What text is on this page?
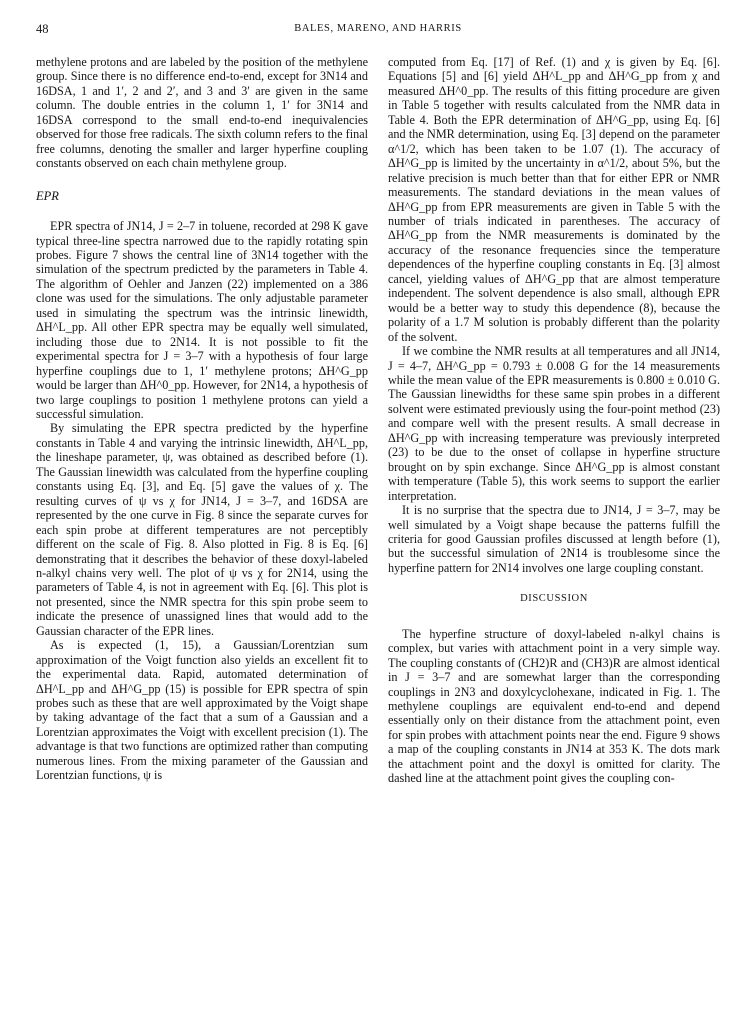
48	BALES, MARENO, AND HARRIS

methylene protons and are labeled by the position of the methylene group. Since there is no difference end-to-end, except for 3N14 and 16DSA, 1 and 1′, 2 and 2′, and 3 and 3′ are given in the same column. The double entries in the column 1, 1′ for 3N14 and 16DSA correspond to the small end-to-end inequivalencies observed for those free radicals. The sixth column refers to the final free columns, denoting the smaller and larger hyperfine coupling constants observed on each chain methylene group.

EPR

EPR spectra of JN14, J = 2–7 in toluene, recorded at 298 K gave typical three-line spectra narrowed due to the rapidly rotating spin probes. Figure 7 shows the central line of 3N14 together with the simulation of the spectrum predicted by the parameters in Table 4. The algorithm of Oehler and Janzen (22) implemented on a 386 clone was used for the simulations. The only adjustable parameter used in simulating the spectrum was the intrinsic linewidth, ΔH^L_pp. All other EPR spectra may be equally well simulated, including those due to 2N14. It is not possible to fit the experimental spectra for J = 3–7 with a hypothesis of four large hyperfine couplings due to 1, 1′ methylene protons; ΔH^G_pp would be larger than ΔH^0_pp. However, for 2N14, a hypothesis of two large couplings to position 1 methylene protons can yield a successful simulation.

By simulating the EPR spectra predicted by the hyperfine constants in Table 4 and varying the intrinsic linewidth, ΔH^L_pp, the lineshape parameter, ψ, was obtained as described before (1). The Gaussian linewidth was calculated from the hyperfine coupling constants using Eq. [3], and Eq. [5] gave the values of χ. The resulting curves of ψ vs χ for JN14, J = 3–7, and 16DSA are represented by the one curve in Fig. 8 since the separate curves for each spin probe at different temperatures are not perceptibly different on the scale of Fig. 8. Also plotted in Fig. 8 is Eq. [6] demonstrating that it describes the behavior of these doxyl-labeled n-alkyl chains very well. The plot of ψ vs χ for 2N14, using the parameters of Table 4, is not in agreement with Eq. [6]. This plot is not presented, since the NMR spectra for this spin probe seem to indicate the presence of unassigned lines that would add to the Gaussian character of the EPR lines.

As is expected (1, 15), a Gaussian/Lorentzian sum approximation of the Voigt function also yields an excellent fit to the experimental data. Rapid, automated determination of ΔH^L_pp and ΔH^G_pp (15) is possible for EPR spectra of spin probes such as these that are well approximated by the Voigt shape by taking advantage of the fact that a sum of a Gaussian and a Lorentzian approximates the Voigt with excellent precision (1). The advantage is that two functions are optimized rather than computing numerous lines. From the mixing parameter of the Gaussian and Lorentzian functions, ψ is

computed from Eq. [17] of Ref. (1) and χ is given by Eq. [6]. Equations [5] and [6] yield ΔH^L_pp and ΔH^G_pp from χ and measured ΔH^0_pp. The results of this fitting procedure are given in Table 5 together with results calculated from the NMR data in Table 4. Both the EPR determination of ΔH^G_pp, using Eq. [6] and the NMR determination, using Eq. [3] depend on the parameter α^1/2, which has been taken to be 1.07 (1). The accuracy of ΔH^G_pp is limited by the uncertainty in α^1/2, about 5%, but the relative precision is much better than that for either EPR or NMR measurements. The standard deviations in the mean values of ΔH^G_pp from EPR measurements are given in Table 5 with the number of trials indicated in parentheses. The accuracy of ΔH^G_pp from the NMR measurements is dominated by the accuracy of the resonance frequencies since the temperature dependences of the hyperfine coupling constants in Eq. [3] almost cancel, yielding values of ΔH^G_pp that are almost temperature independent. The solvent dependence is also small, although EPR would be a better way to study this dependence (8), because the polarity of a 1.7 M solution is probably different than the polarity of the solvent.

If we combine the NMR results at all temperatures and all JN14, J = 4–7, ΔH^G_pp = 0.793 ± 0.008 G for the 14 measurements while the mean value of the EPR measurements is 0.800 ± 0.010 G. The Gaussian linewidths for these same spin probes in a different solvent were estimated previously using the four-point method (23) and compare well with the present results. A small decrease in ΔH^G_pp with increasing temperature was previously interpreted (23) to be due to the onset of collapse in hyperfine structure brought on by spin exchange. Since ΔH^G_pp is almost constant with temperature (Table 5), this work seems to support the earlier interpretation.

It is no surprise that the spectra due to JN14, J = 3–7, may be well simulated by a Voigt shape because the patterns fulfill the criteria for good Gaussian profiles discussed at length before (1), but the successful simulation of 2N14 is troublesome since the hyperfine pattern for 2N14 involves one large coupling constant.

DISCUSSION

The hyperfine structure of doxyl-labeled n-alkyl chains is complex, but varies with attachment point in a very simple way. The coupling constants of (CH2)R and (CH3)R are almost identical in J = 3–7 and are somewhat larger than the corresponding couplings in 2N3 and doxylcyclohexane, indicated in Fig. 1. The methylene couplings are equivalent end-to-end and depend essentially only on their distance from the attachment point, even for spin probes with attachment points near the end. Figure 9 shows a map of the coupling constants in JN14 at 353 K. The dots mark the attachment point and the doxyl is omitted for clarity. The dashed line at the attachment point gives the coupling con-
